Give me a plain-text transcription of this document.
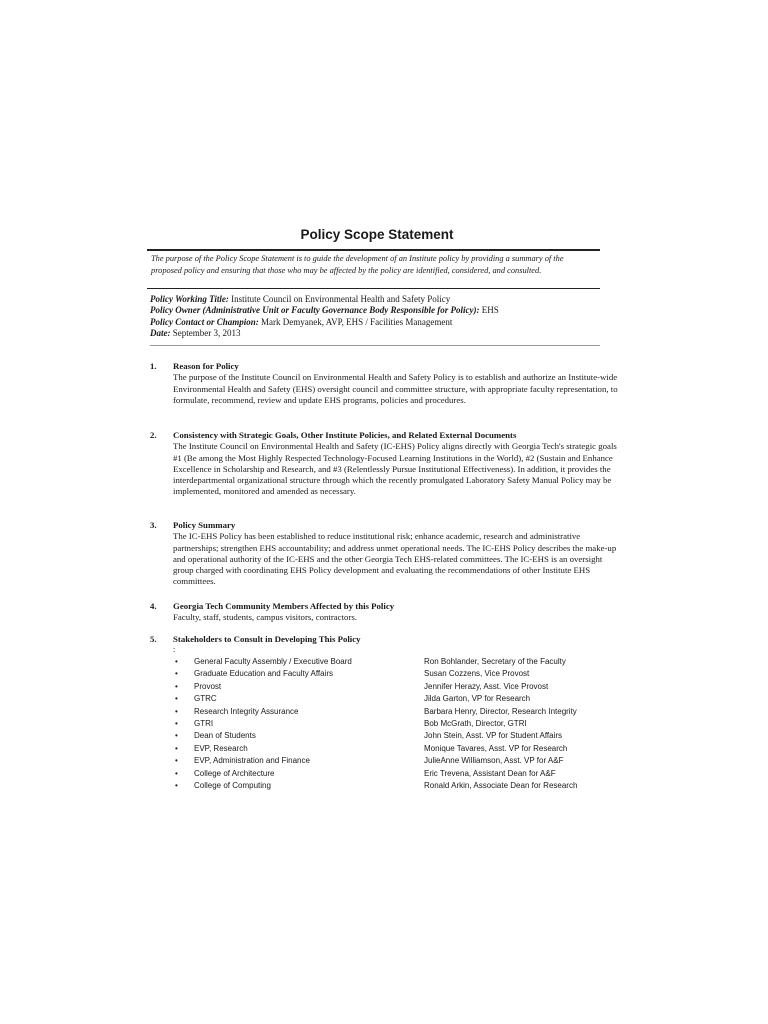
Policy Scope Statement
The purpose of the Policy Scope Statement is to guide the development of an Institute policy by providing a summary of the proposed policy and ensuring that those who may be affected by the policy are identified, considered, and consulted.
Policy Working Title: Institute Council on Environmental Health and Safety Policy
Policy Owner (Administrative Unit or Faculty Governance Body Responsible for Policy): EHS
Policy Contact or Champion: Mark Demyanek, AVP, EHS / Facilities Management
Date: September 3, 2013
1. Reason for Policy
The purpose of the Institute Council on Environmental Health and Safety Policy is to establish and authorize an Institute-wide Environmental Health and Safety (EHS) oversight council and committee structure, with appropriate faculty representation, to formulate, recommend, review and update EHS programs, policies and procedures.
2. Consistency with Strategic Goals, Other Institute Policies, and Related External Documents
The Institute Council on Environmental Health and Safety (IC-EHS) Policy aligns directly with Georgia Tech's strategic goals #1 (Be among the Most Highly Respected Technology-Focused Learning Institutions in the World), #2 (Sustain and Enhance Excellence in Scholarship and Research, and #3 (Relentlessly Pursue Institutional Effectiveness). In addition, it provides the interdepartmental organizational structure through which the recently promulgated Laboratory Safety Manual Policy may be implemented, monitored and amended as necessary.
3. Policy Summary
The IC-EHS Policy has been established to reduce institutional risk; enhance academic, research and administrative partnerships; strengthen EHS accountability; and address unmet operational needs. The IC-EHS Policy describes the make-up and operational authority of the IC-EHS and the other Georgia Tech EHS-related committees. The IC-EHS is an oversight group charged with coordinating EHS Policy development and evaluating the recommendations of other Institute EHS committees.
4. Georgia Tech Community Members Affected by this Policy
Faculty, staff, students, campus visitors, contractors.
5. Stakeholders to Consult in Developing This Policy
:
• General Faculty Assembly / Executive Board	Ron Bohlander, Secretary of the Faculty
• Graduate Education and Faculty Affairs	Susan Cozzens, Vice Provost
• Provost	Jennifer Herazy, Asst. Vice Provost
• GTRC	Jilda Garton, VP for Research
• Research Integrity Assurance	Barbara Henry, Director, Research Integrity
• GTRI	Bob McGrath, Director, GTRI
• Dean of Students	John Stein, Asst. VP for Student Affairs
• EVP, Research	Monique Tavares, Asst. VP for Research
• EVP, Administration and Finance	JulieAnne Williamson, Asst. VP for A&F
• College of Architecture	Eric Trevena, Assistant Dean for A&F
• College of Computing	Ronald Arkin, Associate Dean for Research
